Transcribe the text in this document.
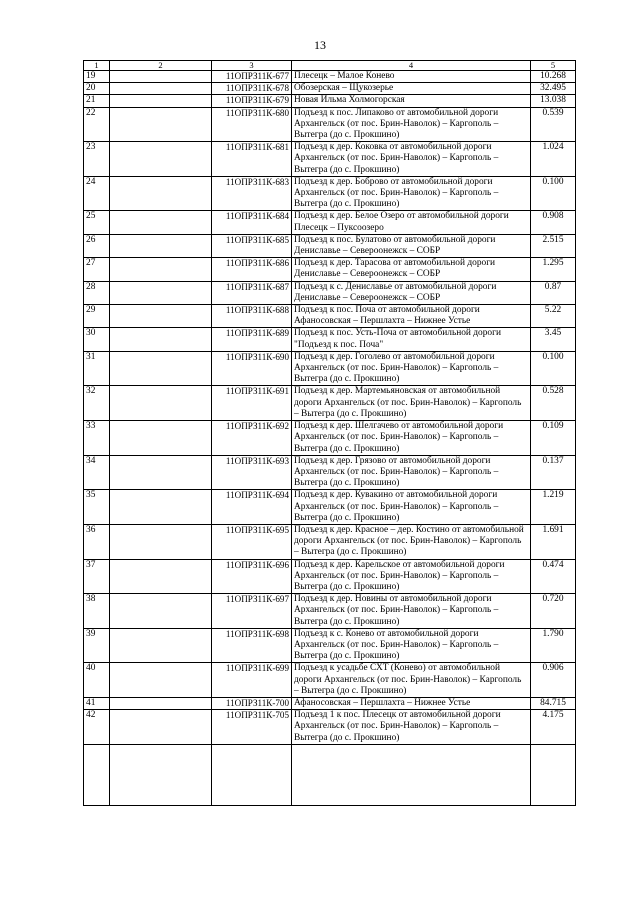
13
1	2	3	4	5
19		11ОПРЗ11К-677	Плесецк – Малое Конево	10.268
20		11ОПРЗ11К-678	Обозерская – Щукозерье	32.495
21		11ОПРЗ11К-679	Новая Ильма Холмогорская	13.038
22		11ОПРЗ11К-680	Подъезд к пос. Липаково от автомобильной дороги Архангельск (от пос. Брин-Наволок) – Каргополь – Вытегра (до с. Прокшино)	0.539
23		11ОПРЗ11К-681	Подъезд к дер. Коковка от автомобильной дороги Архангельск (от пос. Брин-Наволок) – Каргополь – Вытегра (до с. Прокшино)	1.024
24		11ОПРЗ11К-683	Подъезд к дер. Боброво от автомобильной дороги Архангельск (от пос. Брин-Наволок) – Каргополь – Вытегра (до с. Прокшино)	0.100
25		11ОПРЗ11К-684	Подъезд к дер. Белое Озеро от автомобильной дороги Плесецк – Пуксоозеро	0.908
26		11ОПРЗ11К-685	Подъезд к пос. Булатово от автомобильной дороги Дениславье – Североонежск – СОБР	2.515
27		11ОПРЗ11К-686	Подъезд к дер. Тарасова от автомобильной дороги Дениславье – Североонежск – СОБР	1.295
28		11ОПРЗ11К-687	Подъезд к с. Дениславье от автомобильной дороги Дениславье – Североонежск – СОБР	0.87
29		11ОПРЗ11К-688	Подъезд к пос. Поча от автомобильной дороги Афаносовская – Першлахта – Нижнее Устье	5.22
30		11ОПРЗ11К-689	Подъезд к пос. Усть-Поча от автомобильной дороги "Подъезд к пос. Поча"	3.45
31		11ОПРЗ11К-690	Подъезд к дер. Гоголево от автомобильной дороги Архангельск (от пос. Брин-Наволок) – Каргополь – Вытегра (до с. Прокшино)	0.100
32		11ОПРЗ11К-691	Подъезд к дер. Мартемьяновская от автомобильной дороги Архангельск (от пос. Брин-Наволок) – Каргополь – Вытегра (до с. Прокшино)	0.528
33		11ОПРЗ11К-692	Подъезд к дер. Шелгачево от автомобильной дороги Архангельск (от пос. Брин-Наволок) – Каргополь – Вытегра (до с. Прокшино)	0.109
34		11ОПРЗ11К-693	Подъезд к дер. Грязово от автомобильной дороги Архангельск (от пос. Брин-Наволок) – Каргополь – Вытегра (до с. Прокшино)	0.137
35		11ОПРЗ11К-694	Подъезд к дер. Кувакино от автомобильной дороги Архангельск (от пос. Брин-Наволок) – Каргополь – Вытегра (до с. Прокшино)	1.219
36		11ОПРЗ11К-695	Подъезд к дер. Красное – дер. Костино от автомобильной дороги Архангельск (от пос. Брин-Наволок) – Каргополь – Вытегра (до с. Прокшино)	1.691
37		11ОПРЗ11К-696	Подъезд к дер. Карельское от автомобильной дороги Архангельск (от пос. Брин-Наволок) – Каргополь – Вытегра (до с. Прокшино)	0.474
38		11ОПРЗ11К-697	Подъезд к дер. Новины от автомобильной дороги Архангельск (от пос. Брин-Наволок) – Каргополь – Вытегра (до с. Прокшино)	0.720
39		11ОПРЗ11К-698	Подъезд к с. Конево от автомобильной дороги Архангельск (от пос. Брин-Наволок) – Каргополь – Вытегра (до с. Прокшино)	1.790
40		11ОПРЗ11К-699	Подъезд к усадьбе СХТ (Конево) от автомобильной дороги Архангельск (от пос. Брин-Наволок) – Каргополь – Вытегра (до с. Прокшино)	0.906
41		11ОПРЗ11К-700	Афаносовская – Першлахта – Нижнее Устье	84.715
42		11ОПРЗ11К-705	Подъезд 1 к пос. Плесецк от автомобильной дороги Архангельск (от пос. Брин-Наволок) – Каргополь – Вытегра (до с. Прокшино)	4.175
